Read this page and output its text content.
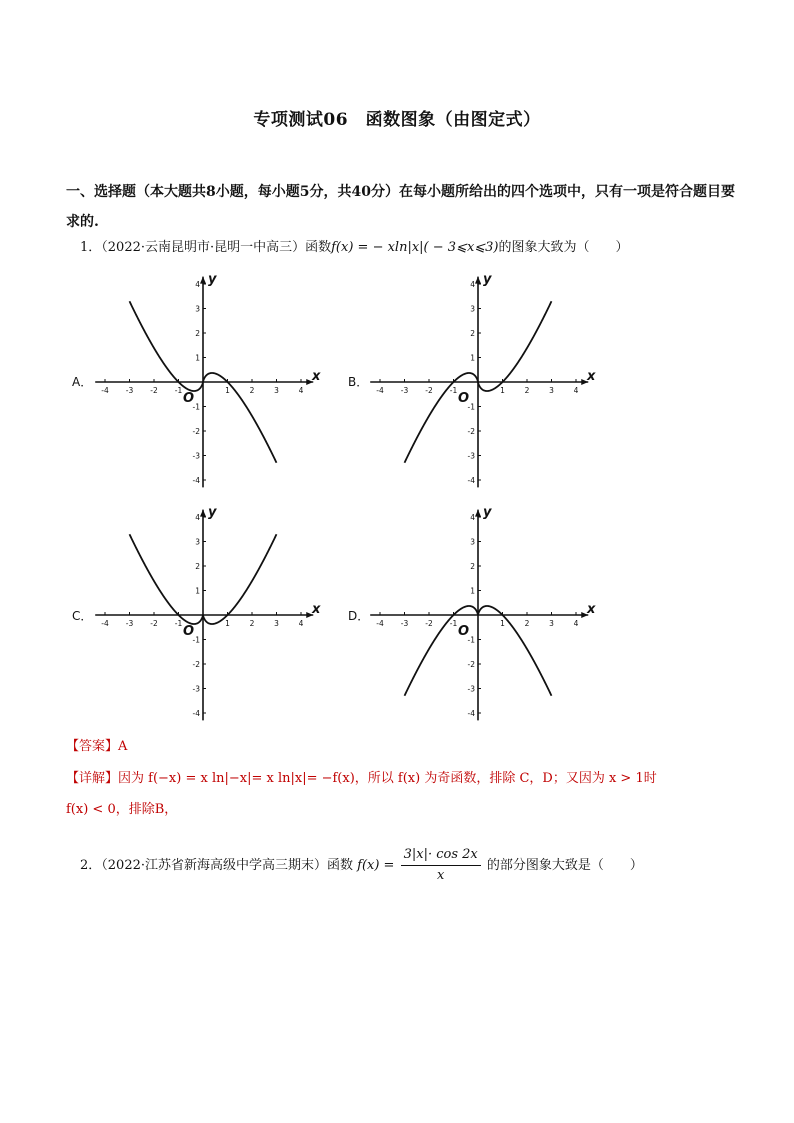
专项测试06　函数图象（由图定式）
一、选择题（本大题共8小题，每小题5分，共40分）在每小题所给出的四个选项中，只有一项是符合题目要求的.
1．（2022·云南昆明市·昆明一中高三）函数f(x) = − xln|x|( − 3⩽x⩽3)的图象大致为（　　）
A．	B．
C．	D．
-4 -3 -2 -1	1	2	3	4
4
3
2
1
-1
-2
-3
-4
x
y
O
-4 -3 -2 -1	1	2	3	4
4
3
2
1
-1
-2
-3
-4
x
y
O
-4 -3 -2 -1	1	2	3	4
4
3
2
1
-1
-2
-3
-4
x
y
O
-4 -3 -2 -1	1	2	3	4
4
3
2
1
-1
-2
-3
-4
x
y
O
【答案】A
【详解】因为 f(−x) = x ln|−x|= x ln|x|= −f(x)，所以 f(x) 为奇函数，排除 C，D；又因为 x > 1时
f(x) < 0，排除B，
2．（2022·江苏省新海高级中学高三期末）函数 $f(x) = \frac{3|x|\cdot \cos 2x}{x}$ 的部分图象大致是（　　）
